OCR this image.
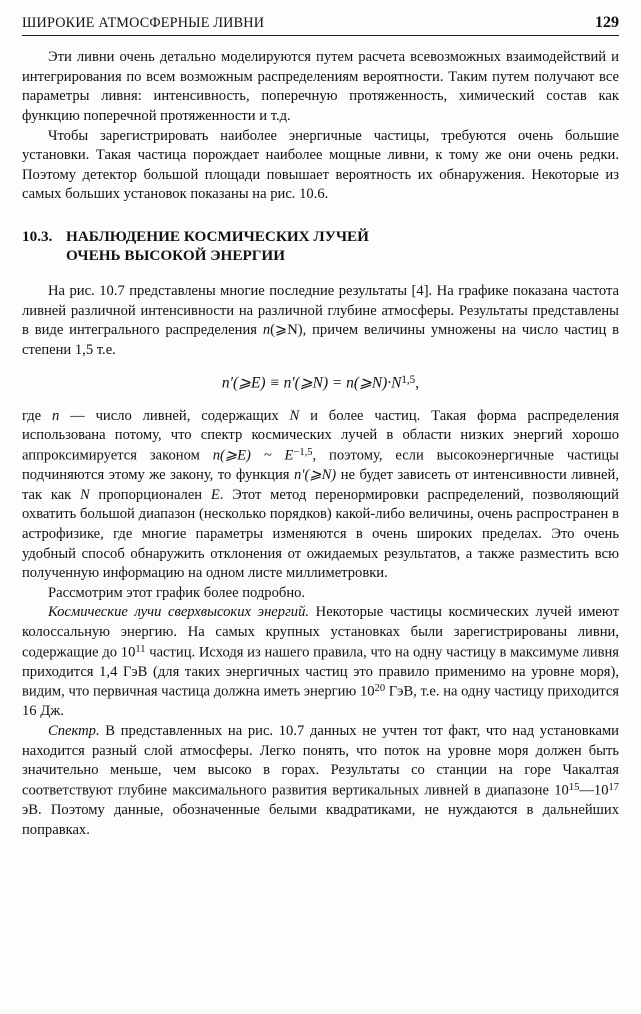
ШИРОКИЕ АТМОСФЕРНЫЕ ЛИВНИ	129

Эти ливни очень детально моделируются путем расчета всевозможных взаимодействий и интегрирования по всем возможным распределениям вероятности. Таким путем получают все параметры ливня: интенсивность, поперечную протяженность, химический состав как функцию поперечной протяженности и т.д.

Чтобы зарегистрировать наиболее энергичные частицы, требуются очень большие установки. Такая частица порождает наиболее мощные ливни, к тому же они очень редки. Поэтому детектор большой площади повышает вероятность их обнаружения. Некоторые из самых больших установок показаны на рис. 10.6.

10.3. НАБЛЮДЕНИЕ КОСМИЧЕСКИХ ЛУЧЕЙ
ОЧЕНЬ ВЫСОКОЙ ЭНЕРГИИ

На рис. 10.7 представлены многие последние результаты [4]. На графике показана частота ливней различной интенсивности на различной глубине атмосферы. Результаты представлены в виде интегрального распределения n(⩾N), причем величины умножены на число частиц в степени 1,5 т.е.

n′(⩾E) ≡ n′(⩾N) = $n(⩾N)\cdot N^{1,5}$,

где n — число ливней, содержащих N и более частиц. Такая форма распределения использована потому, что спектр космических лучей в области низких энергий хорошо аппроксимируется законом n(⩾E) ~ $E^{-1,5}$, поэтому, если высокоэнергичные частицы подчиняются этому же закону, то функция n′(⩾N) не будет зависеть от интенсивности ливней, так как N пропорционален E. Этот метод перенормировки распределений, позволяющий охватить большой диапазон (несколько порядков) какой-либо величины, очень распространен в астрофизике, где многие параметры изменяются в очень широких пределах. Это очень удобный способ обнаружить отклонения от ожидаемых результатов, а также разместить всю полученную информацию на одном листе миллиметровки.

Рассмотрим этот график более подробно.

Космические лучи сверхвысоких энергий. Некоторые частицы космических лучей имеют колоссальную энергию. На самых крупных установках были зарегистрированы ливни, содержащие до $10^{11}$ частиц. Исходя из нашего правила, что на одну частицу в максимуме ливня приходится 1,4 ГэВ (для таких энергичных частиц это правило применимо на уровне моря), видим, что первичная частица должна иметь энергию $10^{20}$ ГэВ, т.е. на одну частицу приходится 16 Дж.

Спектр. В представленных на рис. 10.7 данных не учтен тот факт, что над установками находится разный слой атмосферы. Легко понять, что поток на уровне моря должен быть значительно меньше, чем высоко в горах. Результаты со станции на горе Чакалтая соответствуют глубине максимального развития вертикальных ливней в диапазоне $10^{15}—10^{17}$ эВ. Поэтому данные, обозначенные белыми квадратиками, не нуждаются в дальнейших поправках.
